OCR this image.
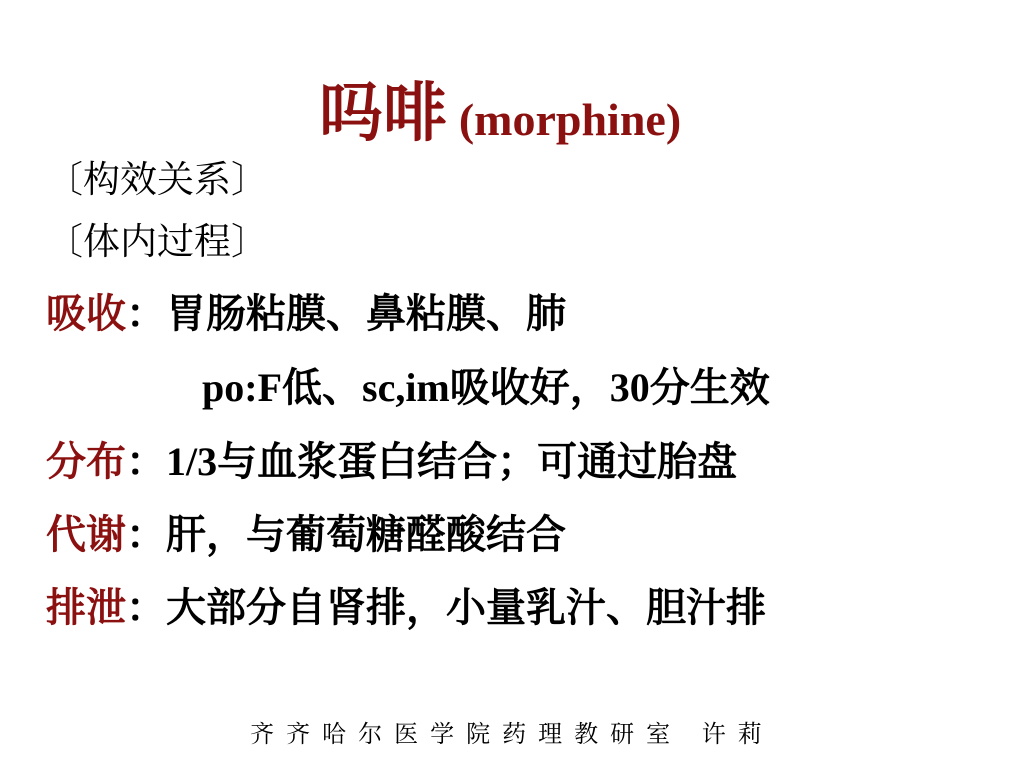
吗啡 (morphine)
〔构效关系〕
〔体内过程〕
吸收：胃肠粘膜、鼻粘膜、肺
po:F低、sc,im吸收好，30分生效
分布：1/3与血浆蛋白结合；可通过胎盘
代谢：肝，与葡萄糖醛酸结合
排泄：大部分自肾排，小量乳汁、胆汁排
齐齐哈尔医学院药理教研室 许莉
